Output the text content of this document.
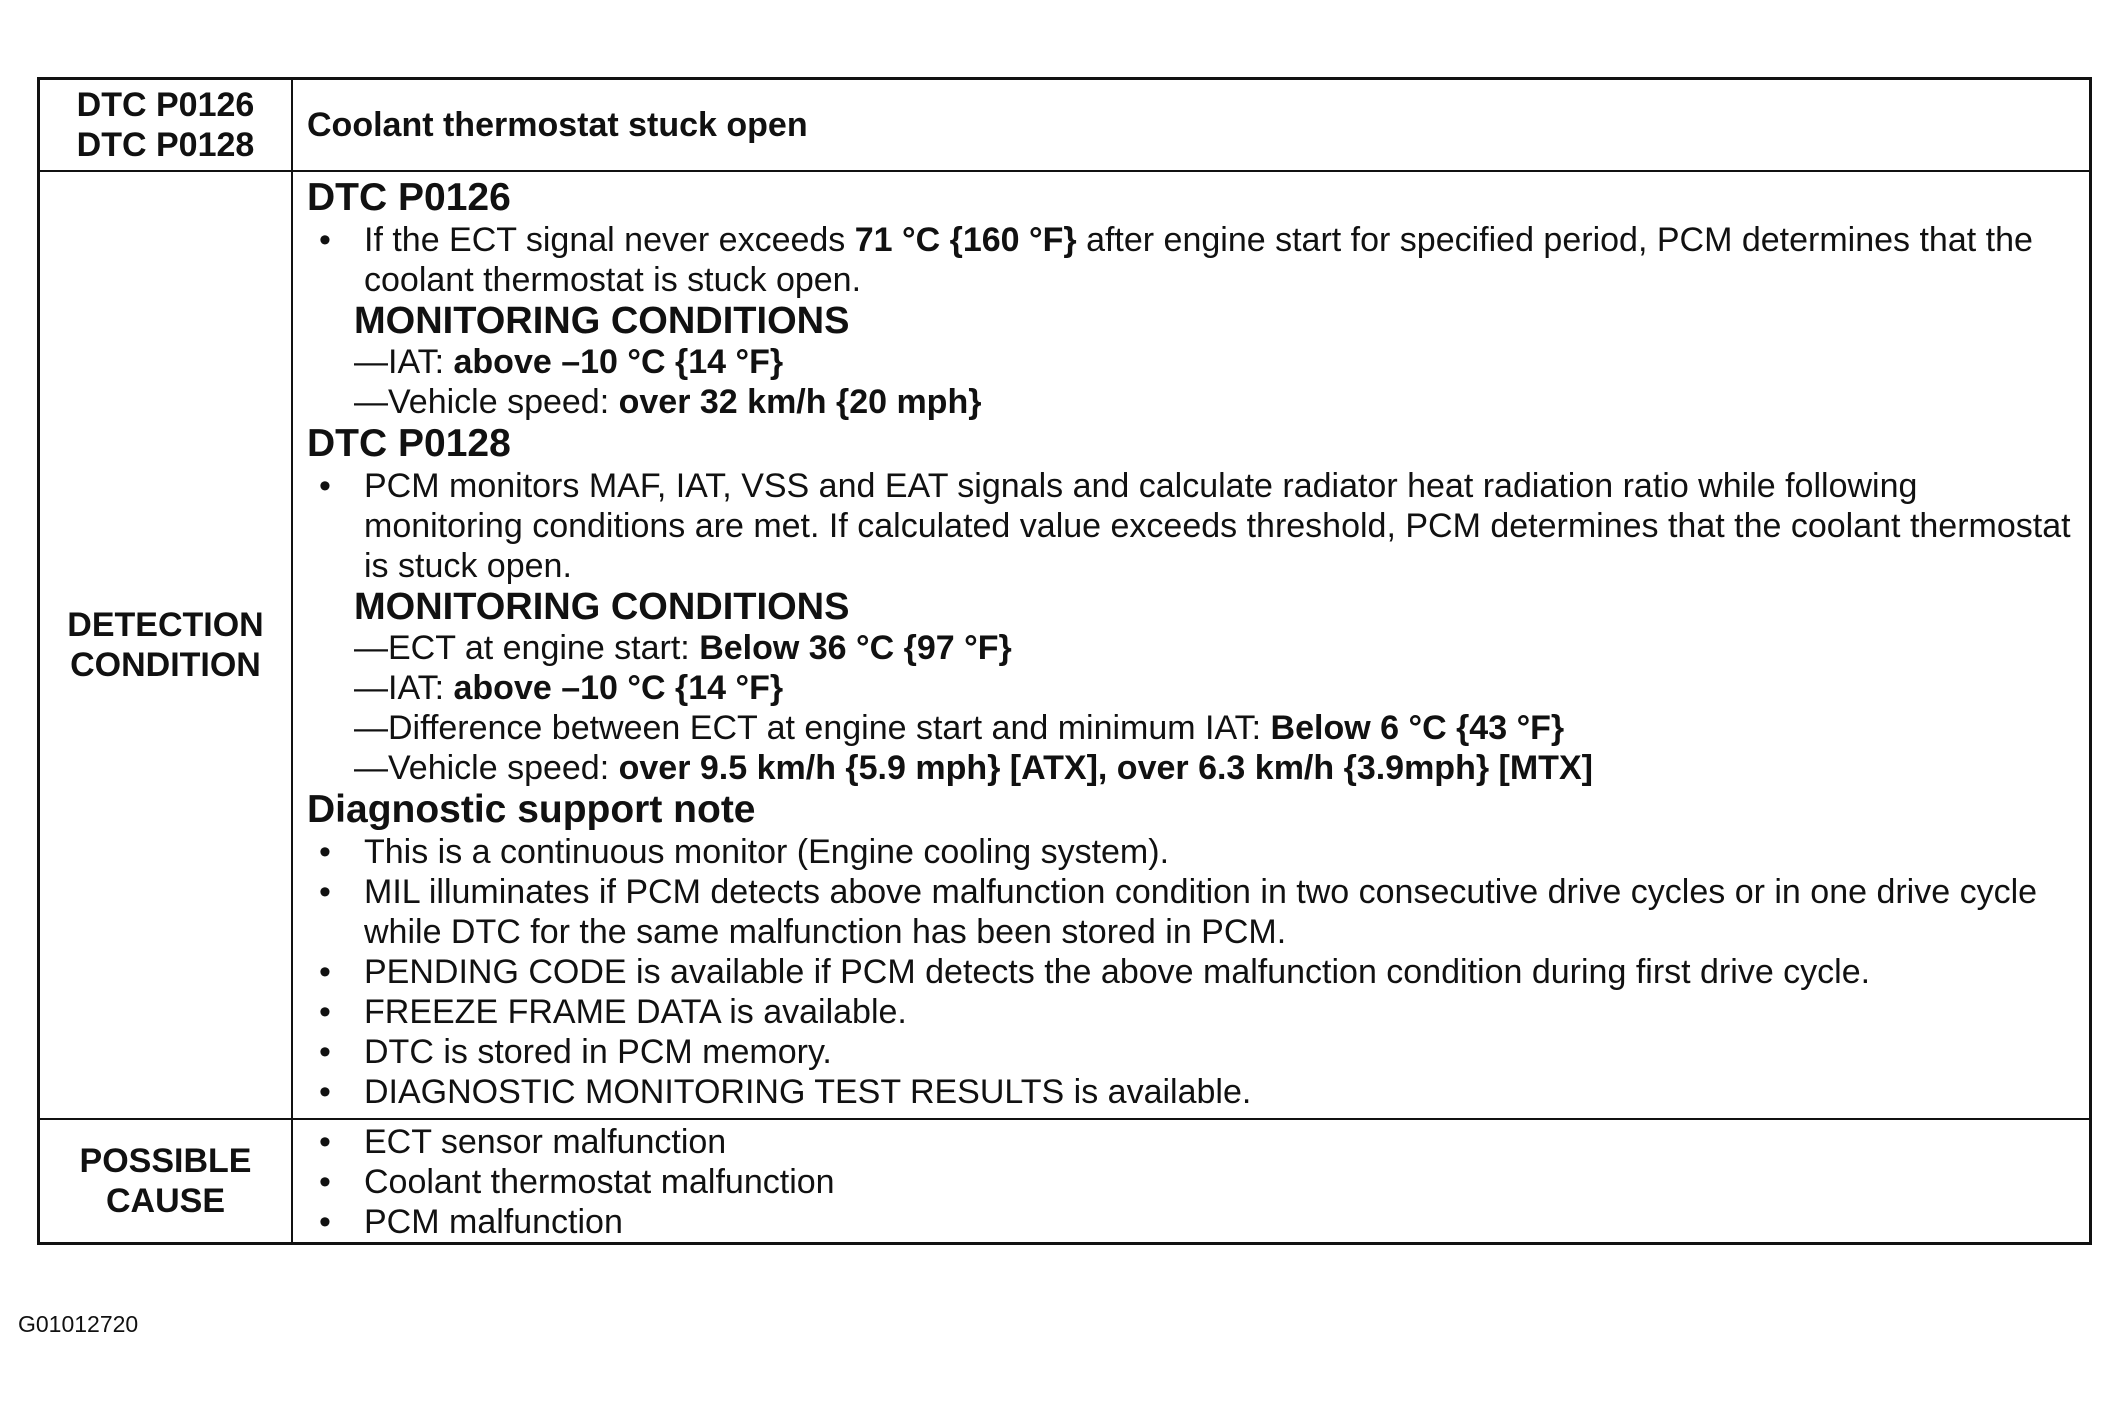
DTC P0126
DTC P0128
Coolant thermostat stuck open
DETECTION
CONDITION
DTC P0126
• If the ECT signal never exceeds 71 °C {160 °F} after engine start for specified period, PCM determines that the coolant thermostat is stuck open.
MONITORING CONDITIONS
— IAT: above –10 °C {14 °F}
— Vehicle speed: over 32 km/h {20 mph}
DTC P0128
• PCM monitors MAF, IAT, VSS and EAT signals and calculate radiator heat radiation ratio while following monitoring conditions are met. If calculated value exceeds threshold, PCM determines that the coolant thermostat is stuck open.
MONITORING CONDITIONS
— ECT at engine start: Below 36 °C {97 °F}
— IAT: above –10 °C {14 °F}
— Difference between ECT at engine start and minimum IAT: Below 6 °C {43 °F}
— Vehicle speed: over 9.5 km/h {5.9 mph} [ATX], over 6.3 km/h {3.9mph} [MTX]
Diagnostic support note
• This is a continuous monitor (Engine cooling system).
• MIL illuminates if PCM detects above malfunction condition in two consecutive drive cycles or in one drive cycle while DTC for the same malfunction has been stored in PCM.
• PENDING CODE is available if PCM detects the above malfunction condition during first drive cycle.
• FREEZE FRAME DATA is available.
• DTC is stored in PCM memory.
• DIAGNOSTIC MONITORING TEST RESULTS is available.
POSSIBLE
CAUSE
• ECT sensor malfunction
• Coolant thermostat malfunction
• PCM malfunction
G01012720
